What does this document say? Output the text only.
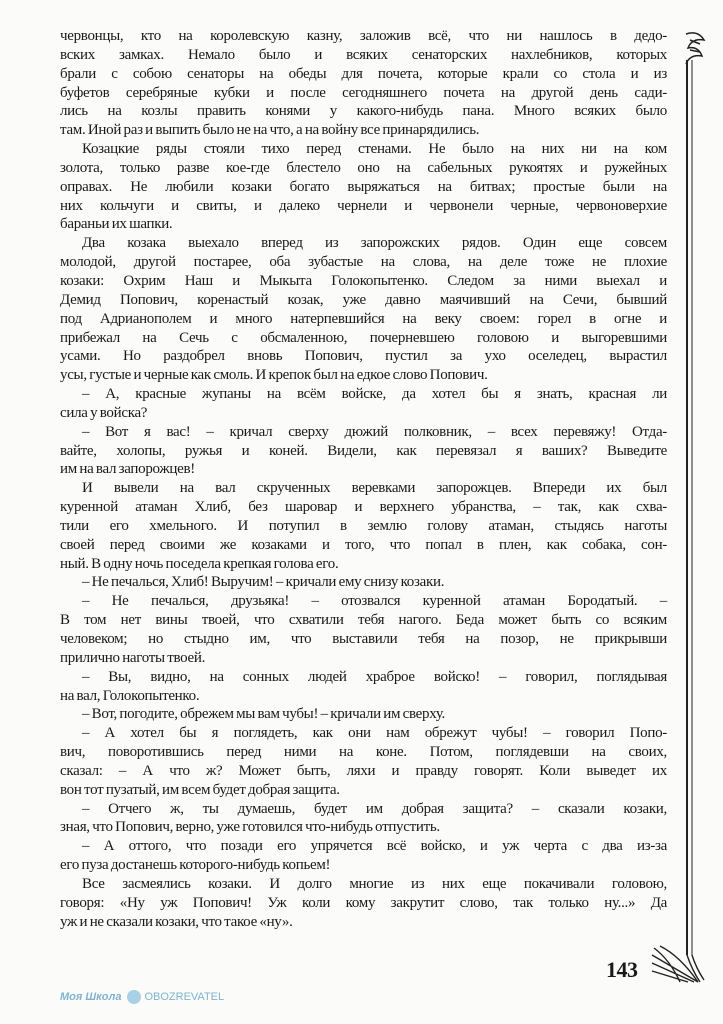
червонцы, кто на королевскую казну, заложив всё, что ни нашлось в дедо-
вских замках. Немало было и всяких сенаторских нахлебников, которых
брали с собою сенаторы на обеды для почета, которые крали со стола и из
буфетов серебряные кубки и после сегодняшнего почета на другой день сади-
лись на козлы править конями у какого-нибудь пана. Много всяких было
там. Иной раз и выпить было не на что, а на войну все принарядились.
Козацкие ряды стояли тихо перед стенами. Не было на них ни на ком
золота, только разве кое-где блестело оно на сабельных рукоятях и ружейных
оправах. Не любили козаки богато выряжаться на битвах; простые были на
них кольчуги и свиты, и далеко чернели и червонели черные, червоноверхие
бараньи их шапки.
Два козака выехало вперед из запорожских рядов. Один еще совсем
молодой, другой постарее, оба зубастые на слова, на деле тоже не плохие
козаки: Охрим Наш и Мыкыта Голокопытенко. Следом за ними выехал и
Демид Попович, коренастый козак, уже давно маячивший на Сечи, бывший
под Адрианополем и много натерпевшийся на веку своем: горел в огне и
прибежал на Сечь с обсмаленною, почерневшею головою и выгоревшими
усами. Но раздобрел вновь Попович, пустил за ухо оселедец, вырастил
усы, густые и черные как смоль. И крепок был на едкое слово Попович.
– А, красные жупаны на всём войске, да хотел бы я знать, красная ли
сила у войска?
– Вот я вас! – кричал сверху дюжий полковник, – всех перевяжу! Отда-
вайте, холопы, ружья и коней. Видели, как перевязал я ваших? Выведите
им на вал запорожцев!
И вывели на вал скрученных веревками запорожцев. Впереди их был
куренной атаман Хлиб, без шаровар и верхнего убранства, – так, как схва-
тили его хмельного. И потупил в землю голову атаман, стыдясь наготы
своей перед своими же козаками и того, что попал в плен, как собака, сон-
ный. В одну ночь поседела крепкая голова его.
– Не печалься, Хлиб! Выручим! – кричали ему снизу козаки.
– Не печалься, друзьяка! – отозвался куренной атаман Бородатый. –
В том нет вины твоей, что схватили тебя нагого. Беда может быть со всяким
человеком; но стыдно им, что выставили тебя на позор, не прикрывши
прилично наготы твоей.
– Вы, видно, на сонных людей храброе войско! – говорил, поглядывая
на вал, Голокопытенко.
– Вот, погодите, обрежем мы вам чубы! – кричали им сверху.
– А хотел бы я поглядеть, как они нам обрежут чубы! – говорил Попо-
вич, поворотившись перед ними на коне. Потом, поглядевши на своих,
сказал: – А что ж? Может быть, ляхи и правду говорят. Коли выведет их
вон тот пузатый, им всем будет добрая защита.
– Отчего ж, ты думаешь, будет им добрая защита? – сказали козаки,
зная, что Попович, верно, уже готовился что-нибудь отпустить.
– А оттого, что позади его упрячется всё войско, и уж черта с два из-за
его пуза достанешь которого-нибудь копьем!
Все засмеялись козаки. И долго многие из них еще покачивали головою,
говоря: «Ну уж Попович! Уж коли кому закрутит слово, так только ну...» Да
уж и не сказали козаки, что такое «ну».
143
Моя Школа OBOZREVATEL
